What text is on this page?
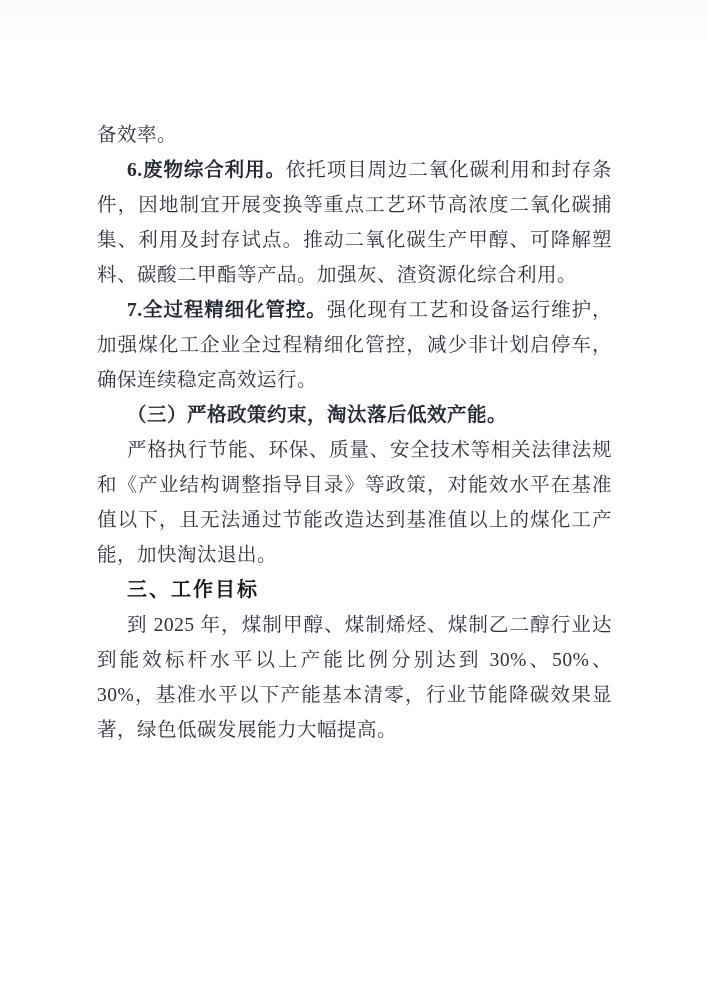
备效率。

6.废物综合利用。依托项目周边二氧化碳利用和封存条件，因地制宜开展变换等重点工艺环节高浓度二氧化碳捕集、利用及封存试点。推动二氧化碳生产甲醇、可降解塑料、碳酸二甲酯等产品。加强灰、渣资源化综合利用。

7.全过程精细化管控。强化现有工艺和设备运行维护，加强煤化工企业全过程精细化管控，减少非计划启停车，确保连续稳定高效运行。

（三）严格政策约束，淘汰落后低效产能。

严格执行节能、环保、质量、安全技术等相关法律法规和《产业结构调整指导目录》等政策，对能效水平在基准值以下，且无法通过节能改造达到基准值以上的煤化工产能，加快淘汰退出。

三、工作目标

到 2025 年，煤制甲醇、煤制烯烃、煤制乙二醇行业达到能效标杆水平以上产能比例分别达到 30%、50%、30%，基准水平以下产能基本清零，行业节能降碳效果显著，绿色低碳发展能力大幅提高。
